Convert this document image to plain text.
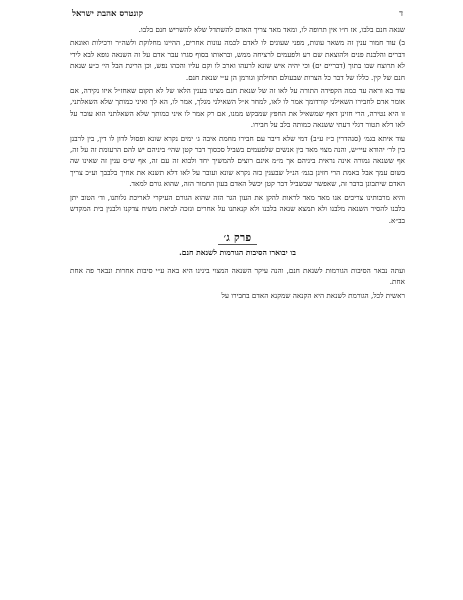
ד
קונטרס אהבת ישראל

שנאה חנם בלבו, אז ח״ו אין תרופה לו, ומאד מאד צריך האדם להשתדל שלא להשריש חנם בלבו.

ב) עוד חמור ענין זה משאר עונות, מפני שעונים לו לאדם לכמה עונות אחרים, ההיינו מחלוקת ולשה״ר ורכילות ואונאת דברים והלבנת פנים ולהוצאת שם רע ולפעמים לרציחה ממש, ובראותו בסוף סגרו עבר אדם על זה השנאה גופא לבא לידי לא תרוצח שבו בתוך (דבריים ים) וכי יהיה איש שונא לרעהו וארב לו וקם עליו והכהו נפש, וכן הריגת הבל הי׳ כ״ע שנאת חנם של קין. כללו של דבר כל הצרות שבעולם תחילתן וגורמן הן ע״י שנאת חנם.

עוד בא וראה עד כמה הקפידה התורה על לאו זה של שנאת חנם מצינו בענין הלאו של לא תקום שאחז״ל איזו נקידה, אם אומר אדם לחבירו השאילני קורדומך אמר לו לאו, למחר א״ל השאילני מגלך, אמר לו, הא לך ואיני כמותך שלא השאלתני, זו היא נטירה, הרי חזינן דאף שמשאיל את החפץ שמבקש ממנו, אם רק אמר לו איני כמותך שלא השאלתני הוא עובר על לאו דלא תטור דגלי דעתי ששנאה כמותה בלב על חבירו.

עוד איתא בגמ׳ (סנהדרין כ״ז ע״ב) דמי שלא דיבר עם חבירו מחמת איבה ג׳ ימים נקרא שונא ופסול לדון לו דין, בין לרבנן בין לר׳ יהודא עיי״ש, והנה מצוי מאד בין אנשים שלפעמים בשביל סכסוך דבר קטן שהי׳ ביניהם יש להם הרעומת זה על זה, אף ששנאה גמורה אינה נראית ביניהם אך מ״מ אינם רוצים להמשיך יחד ולבוא זה עם זה, אף ש״ס ענין זה שאינו שה בשום עמך אבל באמת הרי חזינן בגמ׳ הנ״ל שבענין כזה נקרא שונא ועובר על לאו דלא תשנא את אחיך בלבבך וע״כ צריך האדם שיתבונן בדבר זה, שאפשר שבשביל דבר קטן יכשל האדם בעון החמור הזה, שהוא גורם למאד.

והיא מרבותינו צריכים אנו מאד מאד לראות להקן את העון הגר הזה שהוא הגורם העיקרי לאריכת גלותנו, וד׳ הטוב יתן בלבנו להסיר השנאה מלבנו ולא תמצא שנאה בלבנו ולא קנאתנו על אחרים ונזכה לביאת משיח צדקנו ולבנין בית המקדש בב״א.

פרק ג׳
בו יבוארו הסיבות הגורמות לשנאת חנם.

ועתה נבאר הסיבות הגורמות לשנאת חנם, והנה עיקר השנאה המצוי בינינו היא באה ע״י סיבות אחרות ונבאר פה אחת אחת.

ראשית לכל, הגורמת לשנאת היא הקנאה שמקנא האדם בחבירו על
